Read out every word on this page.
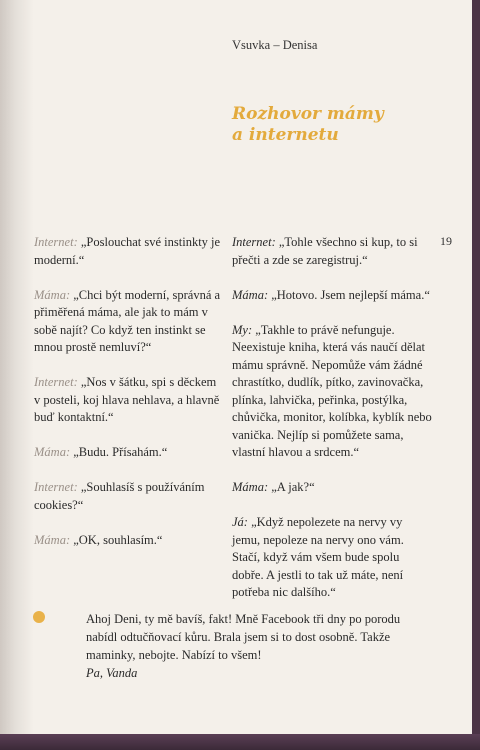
Vsuvka – Denisa
Rozhovor mámy
a internetu
19

Internet: „Poslouchat své instinkty je moderní.“

Máma: „Chci být moderní, správná a přiměřená máma, ale jak to mám v sobě najít? Co když ten instinkt se mnou prostě nemluví?“

Internet: „Nos v šátku, spi s děckem v posteli, koj hlava nehlava, a hlavně buď kontaktní.“

Máma: „Budu. Přísahám.“

Internet: „Souhlasíš s používáním cookies?“

Máma: „OK, souhlasím.“

Internet: „Tohle všechno si kup, to si přečti a zde se zaregistruj.“

Máma: „Hotovo. Jsem nejlepší máma.“

My: „Takhle to právě nefunguje. Neexistuje kniha, která vás naučí dělat mámu správně. Nepomůže vám žádné chrastítko, dudlík, pítko, zavinovačka, plínka, lahvička, peřinka, postýlka, chůvička, monitor, kolíbka, kyblík nebo vanička. Nejlíp si pomůžete sama, vlastní hlavou a srdcem.“

Máma: „A jak?“

Já: „Když nepolezete na nervy vy jemu, nepoleze na nervy ono vám. Stačí, když vám všem bude spolu dobře. A jestli to tak už máte, není potřeba nic dalšího.“

Ahoj Deni, ty mě bavíš, fakt! Mně Facebook tři dny po porodu nabídl odtučňovací kůru. Brala jsem si to dost osobně. Takže maminky, nebojte. Nabízí to všem!
Pa, Vanda
